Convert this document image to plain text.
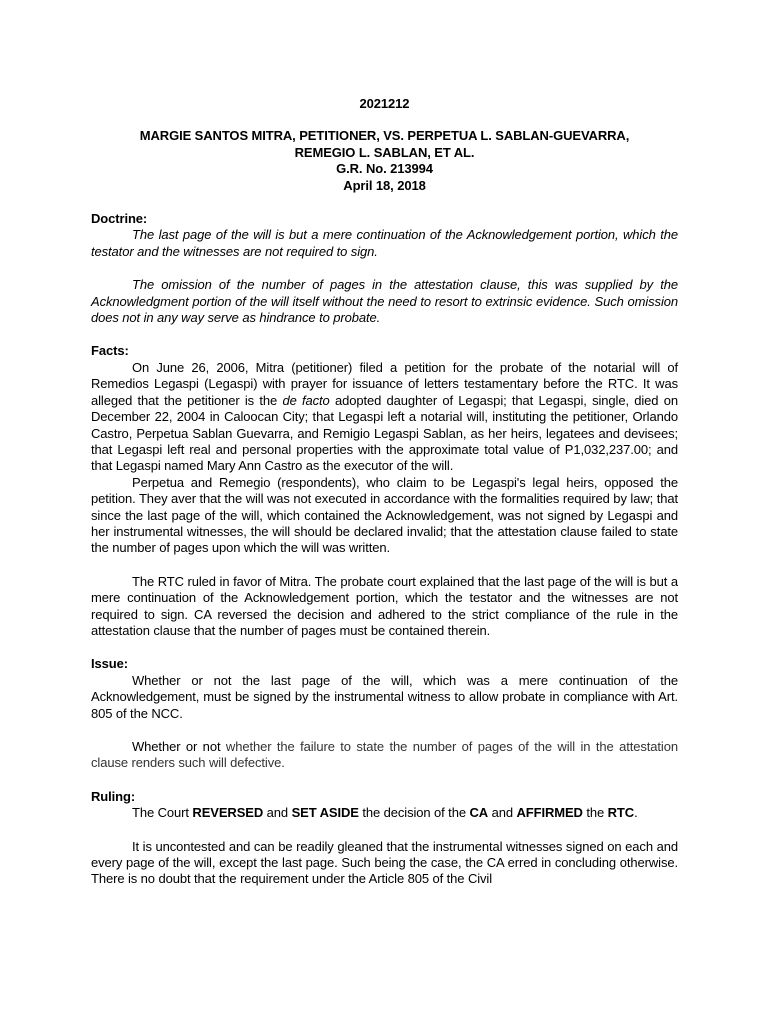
2021212
MARGIE SANTOS MITRA, PETITIONER, VS. PERPETUA L. SABLAN-GUEVARRA,
REMEGIO L. SABLAN, ET AL.
G.R. No. 213994
April 18, 2018
Doctrine:

The last page of the will is but a mere continuation of the Acknowledgement portion, which the testator and the witnesses are not required to sign.

The omission of the number of pages in the attestation clause, this was supplied by the Acknowledgment portion of the will itself without the need to resort to extrinsic evidence. Such omission does not in any way serve as hindrance to probate.

Facts:

On June 26, 2006, Mitra (petitioner) filed a petition for the probate of the notarial will of Remedios Legaspi (Legaspi) with prayer for issuance of letters testamentary before the RTC. It was alleged that the petitioner is the de facto adopted daughter of Legaspi; that Legaspi, single, died on December 22, 2004 in Caloocan City; that Legaspi left a notarial will, instituting the petitioner, Orlando Castro, Perpetua Sablan Guevarra, and Remigio Legaspi Sablan, as her heirs, legatees and devisees; that Legaspi left real and personal properties with the approximate total value of P1,032,237.00; and that Legaspi named Mary Ann Castro as the executor of the will.

Perpetua and Remegio (respondents), who claim to be Legaspi's legal heirs, opposed the petition. They aver that the will was not executed in accordance with the formalities required by law; that since the last page of the will, which contained the Acknowledgement, was not signed by Legaspi and her instrumental witnesses, the will should be declared invalid; that the attestation clause failed to state the number of pages upon which the will was written.

The RTC ruled in favor of Mitra. The probate court explained that the last page of the will is but a mere continuation of the Acknowledgement portion, which the testator and the witnesses are not required to sign. CA reversed the decision and adhered to the strict compliance of the rule in the attestation clause that the number of pages must be contained therein.

Issue:

Whether or not the last page of the will, which was a mere continuation of the Acknowledgement, must be signed by the instrumental witness to allow probate in compliance with Art. 805 of the NCC.

Whether or not whether the failure to state the number of pages of the will in the attestation clause renders such will defective.

Ruling:

The Court REVERSED and SET ASIDE the decision of the CA and AFFIRMED the RTC.

It is uncontested and can be readily gleaned that the instrumental witnesses signed on each and every page of the will, except the last page. Such being the case, the CA erred in concluding otherwise. There is no doubt that the requirement under the Article 805 of the Civil
